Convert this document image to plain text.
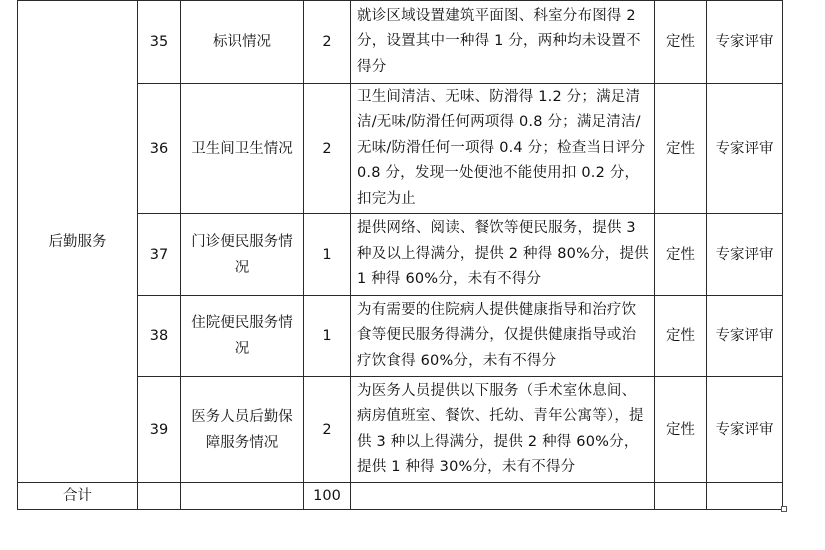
后勤服务	35	标识情况	2	就诊区域设置建筑平面图、科室分布图得 2 分，设置其中一种得 1 分，两种均未设置不得分	定性	专家评审
	36	卫生间卫生情况	2	卫生间清洁、无味、防滑得 1.2 分；满足清洁/无味/防滑任何两项得 0.8 分；满足清洁/无味/防滑任何一项得 0.4 分；检查当日评分 0.8 分，发现一处便池不能使用扣 0.2 分，扣完为止	定性	专家评审
	37	门诊便民服务情况	1	提供网络、阅读、餐饮等便民服务，提供 3 种及以上得满分，提供 2 种得 80%分，提供 1 种得 60%分，未有不得分	定性	专家评审
	38	住院便民服务情况	1	为有需要的住院病人提供健康指导和治疗饮食等便民服务得满分，仅提供健康指导或治疗饮食得 60%分，未有不得分	定性	专家评审
	39	医务人员后勤保障服务情况	2	为医务人员提供以下服务（手术室休息间、病房值班室、餐饮、托幼、青年公寓等），提供 3 种以上得满分，提供 2 种得 60%分，提供 1 种得 30%分，未有不得分	定性	专家评审
合计			100			
